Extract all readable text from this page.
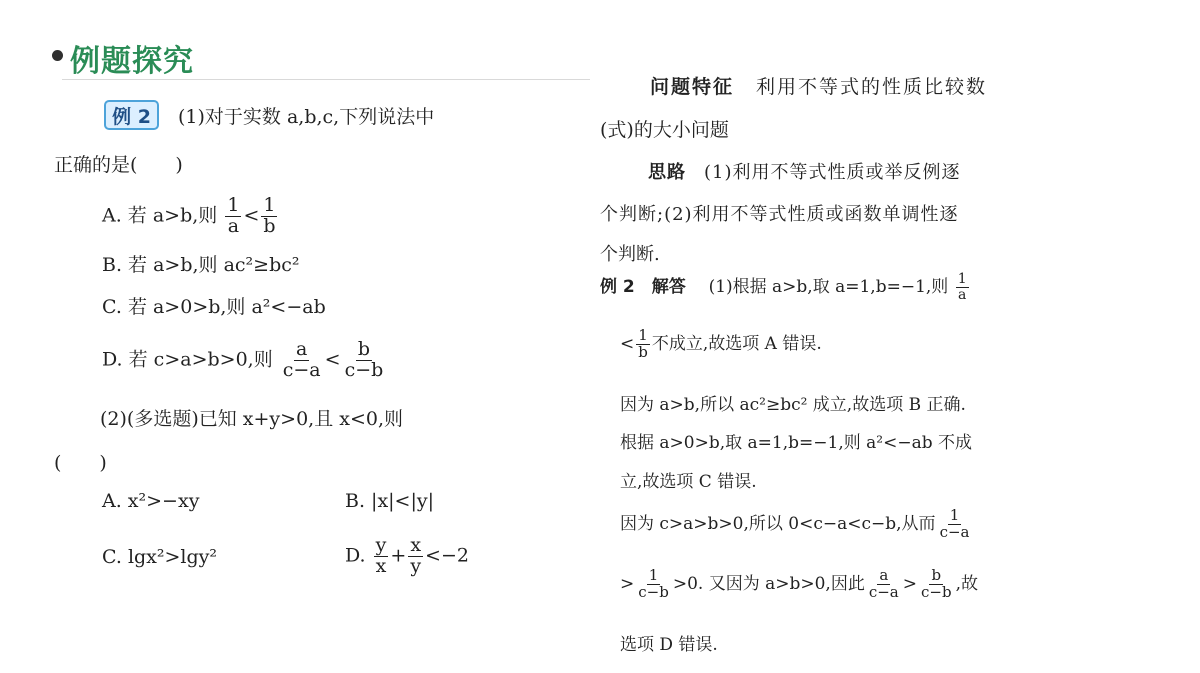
例题探究
例 2	(1)对于实数 a,b,c,下列说法中
正确的是(　　)
A. 若 a>b,则 $\frac{1}{a} < \frac{1}{b}$
B. 若 a>b,则 ac²≥bc²
C. 若 a>0>b,则 a²<−ab
D. 若 c>a>b>0,则 $\frac{a}{c-a} < \frac{b}{c-b}$
(2)(多选题)已知 x+y>0,且 x<0,则
(　　)
A. x²>−xy	B. |x|<|y|
C. lgx²>lgy²	D. $\frac{y}{x} + \frac{x}{y} <-2$
问题特征 利用不等式的性质比较数
(式)的大小问题
思路 (1)利用不等式性质或举反例逐
个判断;(2)利用不等式性质或函数单调性逐
个判断.
例 2　解答 (1)根据 a>b,取 a=1,b=−1,则 $\frac{1}{a}$
< $\frac{1}{b}$ 不成立,故选项 A 错误.
因为 a>b,所以 ac²≥bc² 成立,故选项 B 正确.
根据 a>0>b,取 a=1,b=−1,则 a²<−ab 不成
立,故选项 C 错误.
因为 c>a>b>0,所以 0<c−a<c−b,从而 $\frac{1}{c-a}$
> $\frac{1}{c-b} >0$. 又因为 a>b>0,因此 $\frac{a}{c-a} > \frac{b}{c-b}$ ,故
选项 D 错误.
